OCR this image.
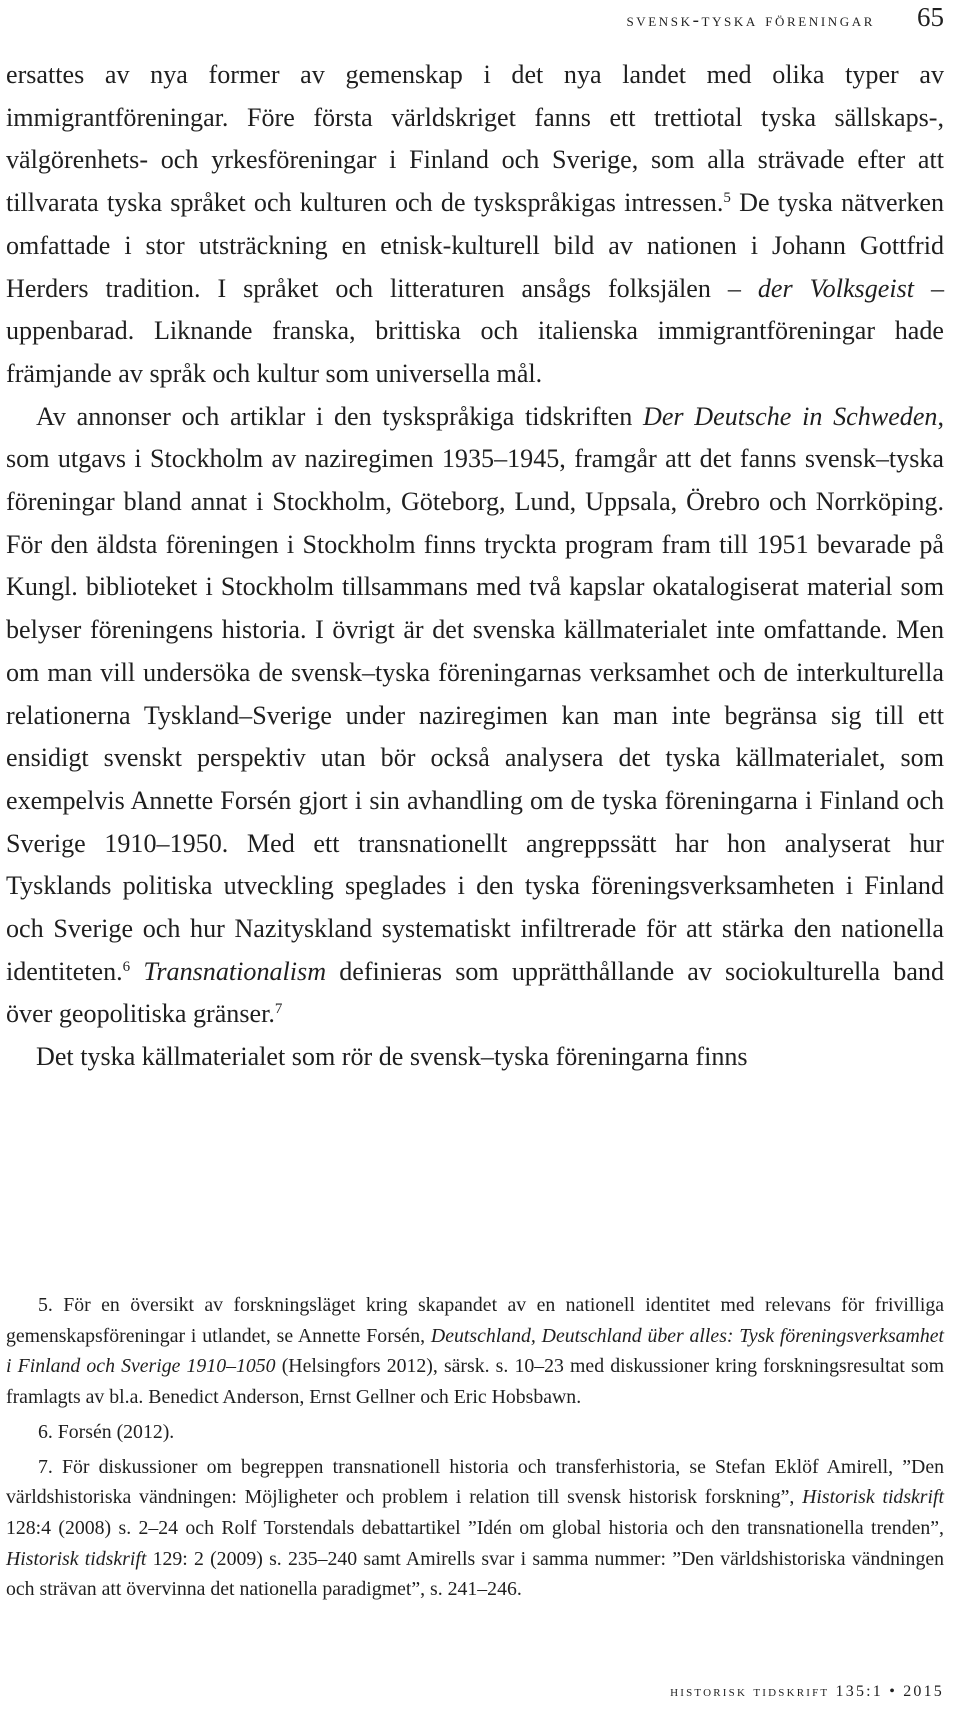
svensk-tyska föreningar 65

ersattes av nya former av gemenskap i det nya landet med olika typer av immigrantföreningar. Före första världskriget fanns ett trettiotal tyska sällskaps-, välgörenhets- och yrkesföreningar i Finland och Sverige, som alla strävade efter att tillvarata tyska språket och kulturen och de tyskspråkigas intressen.$^5$ De tyska nätverken omfattade i stor utsträckning en etnisk-kulturell bild av nationen i Johann Gottfrid Herders tradition. I språket och litteraturen ansågs folksjälen – der Volksgeist – uppenbarad. Liknande franska, brittiska och italienska immigrantföreningar hade främjande av språk och kultur som universella mål.

Av annonser och artiklar i den tyskspråkiga tidskriften Der Deutsche in Schweden, som utgavs i Stockholm av naziregimen 1935–1945, framgår att det fanns svensk–tyska föreningar bland annat i Stockholm, Göteborg, Lund, Uppsala, Örebro och Norrköping. För den äldsta föreningen i Stockholm finns tryckta program fram till 1951 bevarade på Kungl. biblioteket i Stockholm tillsammans med två kapslar okatalogiserat material som belyser föreningens historia. I övrigt är det svenska källmaterialet inte omfattande. Men om man vill undersöka de svensk–tyska föreningarnas verksamhet och de interkulturella relationerna Tyskland–Sverige under naziregimen kan man inte begränsa sig till ett ensidigt svenskt perspektiv utan bör också analysera det tyska källmaterialet, som exempelvis Annette Forsén gjort i sin avhandling om de tyska föreningarna i Finland och Sverige 1910–1950. Med ett transnationellt angreppssätt har hon analyserat hur Tysklands politiska utveckling speglades i den tyska föreningsverksamheten i Finland och Sverige och hur Nazityskland systematiskt infiltrerade för att stärka den nationella identiteten.$^6$ Transnationalism definieras som upprätthållande av sociokulturella band över geopolitiska gränser.$^7$

Det tyska källmaterialet som rör de svensk–tyska föreningarna finns

5. För en översikt av forskningsläget kring skapandet av en nationell identitet med relevans för frivilliga gemenskapsföreningar i utlandet, se Annette Forsén, Deutschland, Deutschland über alles: Tysk föreningsverksamhet i Finland och Sverige 1910–1050 (Helsingfors 2012), särsk. s. 10–23 med diskussioner kring forskningsresultat som framlagts av bl.a. Benedict Anderson, Ernst Gellner och Eric Hobsbawn.

6. Forsén (2012).

7. För diskussioner om begreppen transnationell historia och transferhistoria, se Stefan Eklöf Amirell, ”Den världshistoriska vändningen: Möjligheter och problem i relation till svensk historisk forskning”, Historisk tidskrift 128:4 (2008) s. 2–24 och Rolf Torstendals debattartikel ”Idén om global historia och den transnationella trenden”, Historisk tidskrift 129: 2 (2009) s. 235–240 samt Amirells svar i samma nummer: ”Den världshistoriska vändningen och strävan att övervinna det nationella paradigmet”, s. 241–246.

historisk tidskrift 135:1 • 2015
